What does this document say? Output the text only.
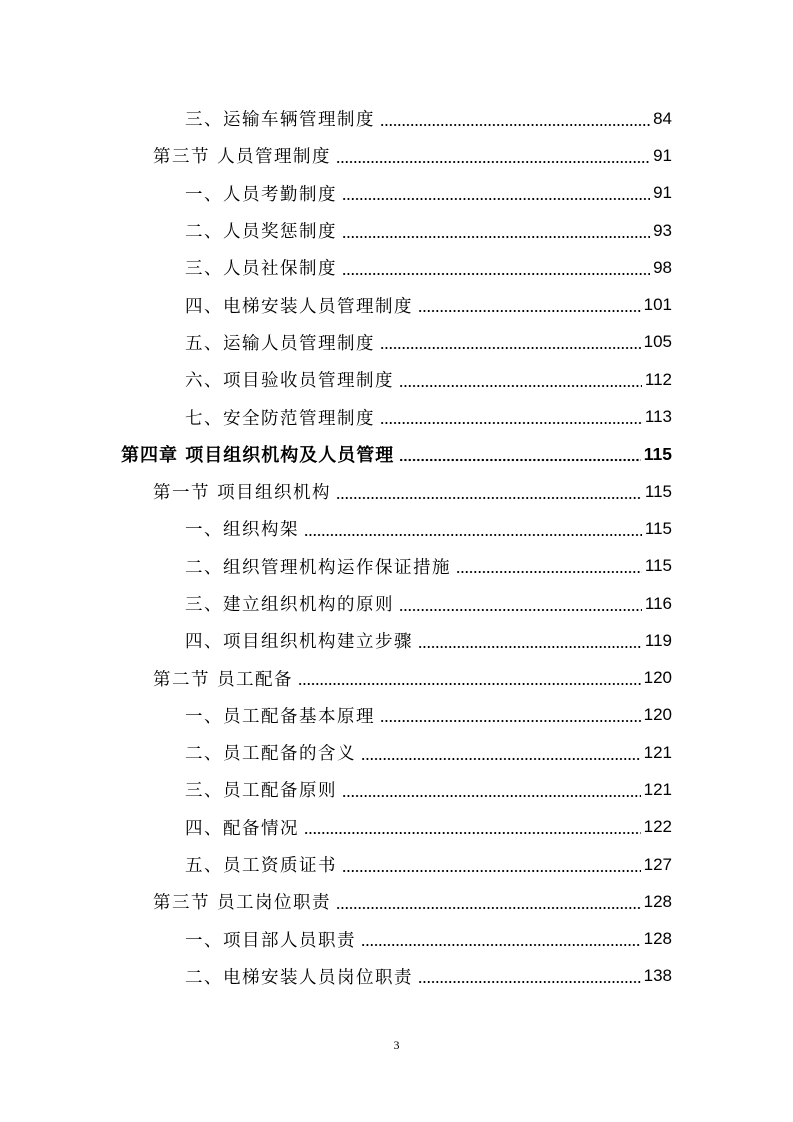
三、运输车辆管理制度	84
第三节 人员管理制度	91
一、人员考勤制度	91
二、人员奖惩制度	93
三、人员社保制度	98
四、电梯安装人员管理制度	101
五、运输人员管理制度	105
六、项目验收员管理制度	112
七、安全防范管理制度	113
第四章 项目组织机构及人员管理	115
第一节 项目组织机构	115
一、组织构架	115
二、组织管理机构运作保证措施	115
三、建立组织机构的原则	116
四、项目组织机构建立步骤	119
第二节 员工配备	120
一、员工配备基本原理	120
二、员工配备的含义	121
三、员工配备原则	121
四、配备情况	122
五、员工资质证书	127
第三节 员工岗位职责	128
一、项目部人员职责	128
二、电梯安装人员岗位职责	138
3
